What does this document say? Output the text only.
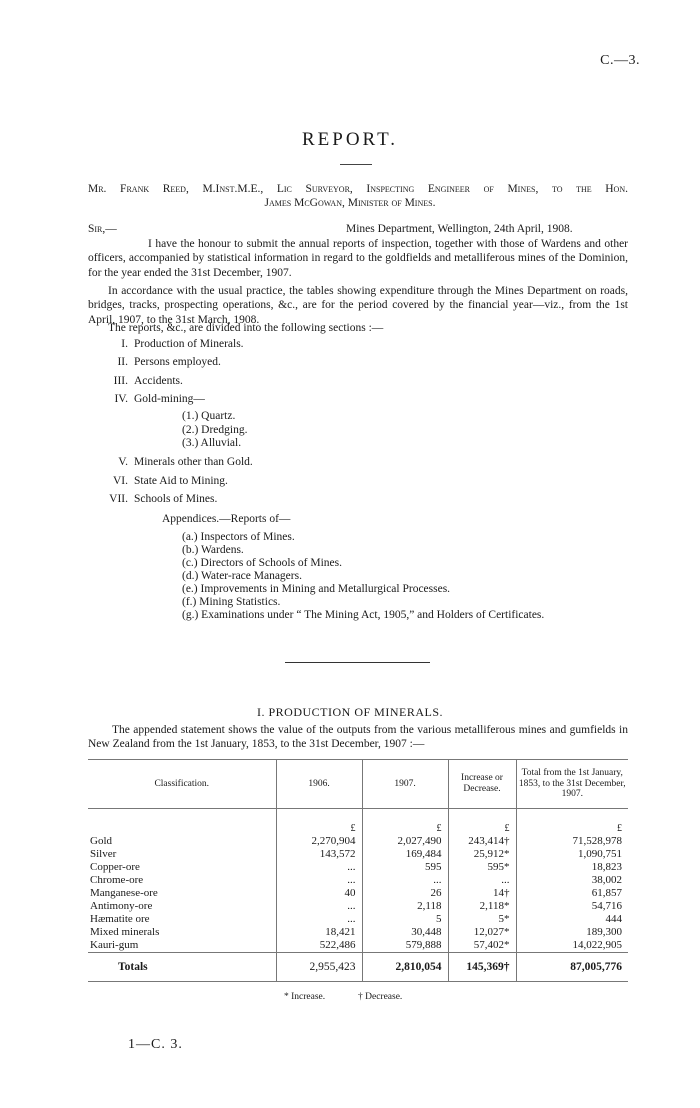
C.—3.
REPORT.
Mr. Frank Reed, M.Inst.M.E., Lic Surveyor, Inspecting Engineer of Mines, to the Hon.
James McGowan, Minister of Mines.
Sir,—	Mines Department, Wellington, 24th April, 1908.
I have the honour to submit the annual reports of inspection, together with those of Wardens and other officers, accompanied by statistical information in regard to the goldfields and metalliferous mines of the Dominion, for the year ended the 31st December, 1907.
In accordance with the usual practice, the tables showing expenditure through the Mines Department on roads, bridges, tracks, prospecting operations, &c., are for the period covered by the financial year—viz., from the 1st April, 1907, to the 31st March, 1908.
The reports, &c., are divided into the following sections :—
I. Production of Minerals.
II. Persons employed.
III. Accidents.
IV. Gold-mining—
(1.) Quartz.
(2.) Dredging.
(3.) Alluvial.
V. Minerals other than Gold.
VI. State Aid to Mining.
VII. Schools of Mines.
Appendices.—Reports of—
(a.) Inspectors of Mines.
(b.) Wardens.
(c.) Directors of Schools of Mines.
(d.) Water-race Managers.
(e.) Improvements in Mining and Metallurgical Processes.
(f.) Mining Statistics.
(g.) Examinations under “ The Mining Act, 1905,” and Holders of Certificates.
I. PRODUCTION OF MINERALS.
The appended statement shows the value of the outputs from the various metalliferous mines and gumfields in New Zealand from the 1st January, 1853, to the 31st December, 1907 :—
Classification.	1906.	1907.	Increase or Decrease.	Total from the 1st January, 1853, to the 31st December, 1907.

	£	£	£	£
Gold	2,270,904	2,027,490	243,414†	71,528,978
Silver	143,572	169,484	25,912*	1,090,751
Copper-ore	...	595	595*	18,823
Chrome-ore	...	...	...	38,002
Manganese-ore	40	26	14†	61,857
Antimony-ore	...	2,118	2,118*	54,716
Hæmatite ore	...	5	5*	444
Mixed minerals	18,421	30,448	12,027*	189,300
Kauri-gum	522,486	579,888	57,402*	14,022,905
Totals	2,955,423	2,810,054	145,369†	87,005,776
* Increase.	† Decrease.
1—C. 3.
